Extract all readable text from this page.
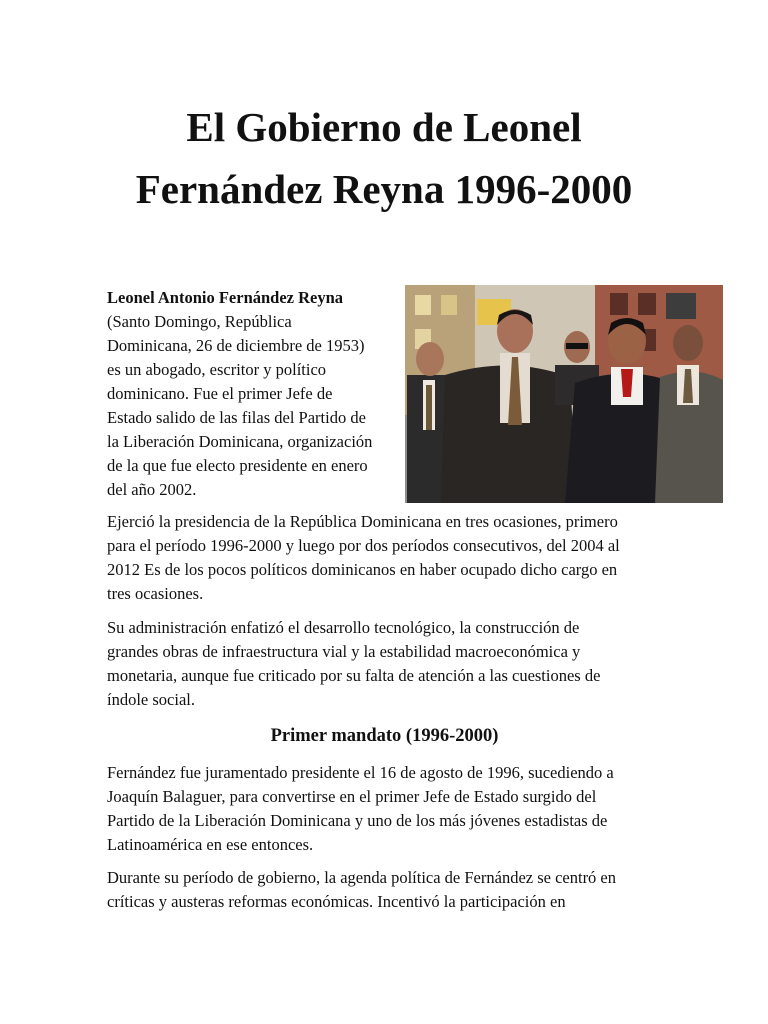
El Gobierno de Leonel
Fernández Reyna 1996-2000
Leonel Antonio Fernández Reyna
(Santo Domingo, República
Dominicana, 26 de diciembre de 1953)
es un abogado, escritor y político
dominicano. Fue el primer Jefe de
Estado salido de las filas del Partido de
la Liberación Dominicana, organización
de la que fue electo presidente en enero
del año 2002.

Ejerció la presidencia de la República Dominicana en tres ocasiones, primero
para el período 1996-2000 y luego por dos períodos consecutivos, del 2004 al
2012 Es de los pocos políticos dominicanos en haber ocupado dicho cargo en
tres ocasiones.

Su administración enfatizó el desarrollo tecnológico, la construcción de
grandes obras de infraestructura vial y la estabilidad macroeconómica y
monetaria, aunque fue criticado por su falta de atención a las cuestiones de
índole social.

Primer mandato (1996-2000)

Fernández fue juramentado presidente el 16 de agosto de 1996, sucediendo a
Joaquín Balaguer, para convertirse en el primer Jefe de Estado surgido del
Partido de la Liberación Dominicana y uno de los más jóvenes estadistas de
Latinoamérica en ese entonces.

Durante su período de gobierno, la agenda política de Fernández se centró en
críticas y austeras reformas económicas. Incentivó la participación en
